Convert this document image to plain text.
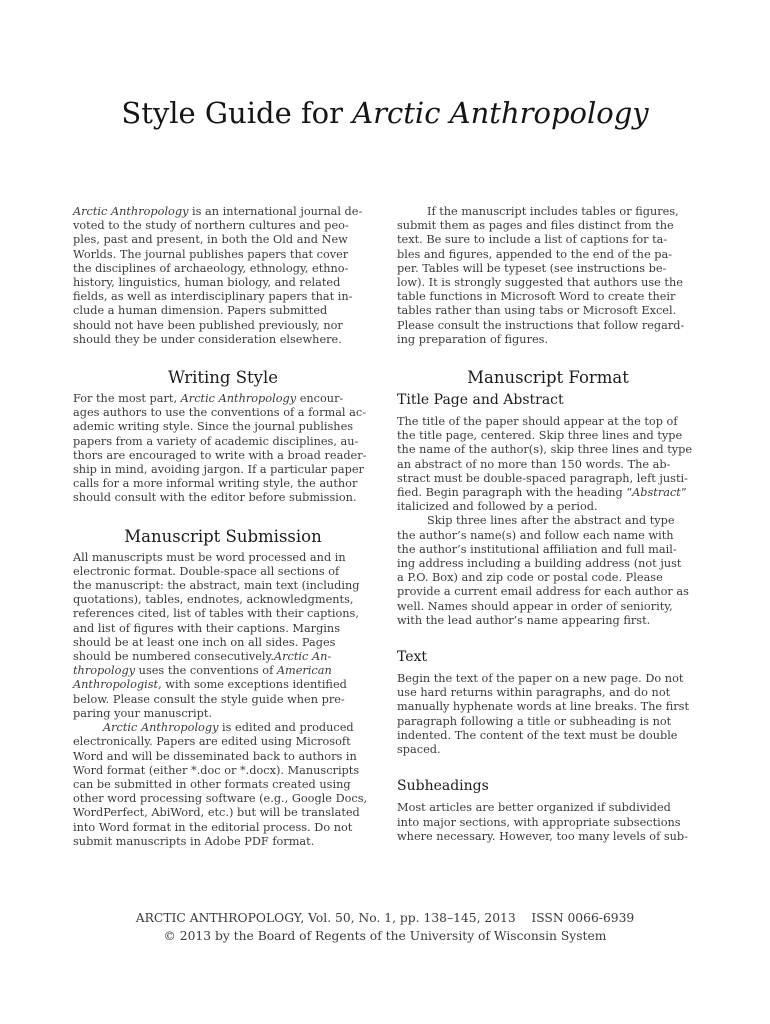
Style Guide for Arctic Anthropology

Arctic Anthropology is an international journal de-
voted to the study of northern cultures and peo-
ples, past and present, in both the Old and New
Worlds. The journal publishes papers that cover
the disciplines of archaeology, ethnology, ethno-
history, linguistics, human biology, and related
fields, as well as interdisciplinary papers that in-
clude a human dimension. Papers submitted
should not have been published previously, nor
should they be under consideration elsewhere.

Writing Style

For the most part, Arctic Anthropology encour-
ages authors to use the conventions of a formal ac-
ademic writing style. Since the journal publishes
papers from a variety of academic disciplines, au-
thors are encouraged to write with a broad reader-
ship in mind, avoiding jargon. If a particular paper
calls for a more informal writing style, the author
should consult with the editor before submission.

Manuscript Submission

All manuscripts must be word processed and in
electronic format. Double-space all sections of
the manuscript: the abstract, main text (including
quotations), tables, endnotes, acknowledgments,
references cited, list of tables with their captions,
and list of figures with their captions. Margins
should be at least one inch on all sides. Pages
should be numbered consecutively.Arctic An-
thropology uses the conventions of American
Anthropologist, with some exceptions identified
below. Please consult the style guide when pre-
paring your manuscript.

Arctic Anthropology is edited and produced
electronically. Papers are edited using Microsoft
Word and will be disseminated back to authors in
Word format (either *.doc or *.docx). Manuscripts
can be submitted in other formats created using
other word processing software (e.g., Google Docs,
WordPerfect, AbiWord, etc.) but will be translated
into Word format in the editorial process. Do not
submit manuscripts in Adobe PDF format.

If the manuscript includes tables or figures,
submit them as pages and files distinct from the
text. Be sure to include a list of captions for ta-
bles and figures, appended to the end of the pa-
per. Tables will be typeset (see instructions be-
low). It is strongly suggested that authors use the
table functions in Microsoft Word to create their
tables rather than using tabs or Microsoft Excel.
Please consult the instructions that follow regard-
ing preparation of figures.

Manuscript Format
Title Page and Abstract

The title of the paper should appear at the top of
the title page, centered. Skip three lines and type
the name of the author(s), skip three lines and type
an abstract of no more than 150 words. The ab-
stract must be double-spaced paragraph, left justi-
fied. Begin paragraph with the heading “Abstract”
italicized and followed by a period.

Skip three lines after the abstract and type
the author’s name(s) and follow each name with
the author’s institutional affiliation and full mail-
ing address including a building address (not just
a P.O. Box) and zip code or postal code. Please
provide a current email address for each author as
well. Names should appear in order of seniority,
with the lead author’s name appearing first.

Text

Begin the text of the paper on a new page. Do not
use hard returns within paragraphs, and do not
manually hyphenate words at line breaks. The first
paragraph following a title or subheading is not
indented. The content of the text must be double
spaced.

Subheadings

Most articles are better organized if subdivided
into major sections, with appropriate subsections
where necessary. However, too many levels of sub-

ARCTIC ANTHROPOLOGY, Vol. 50, No. 1, pp. 138–145, 2013    ISSN 0066-6939
© 2013 by the Board of Regents of the University of Wisconsin System
